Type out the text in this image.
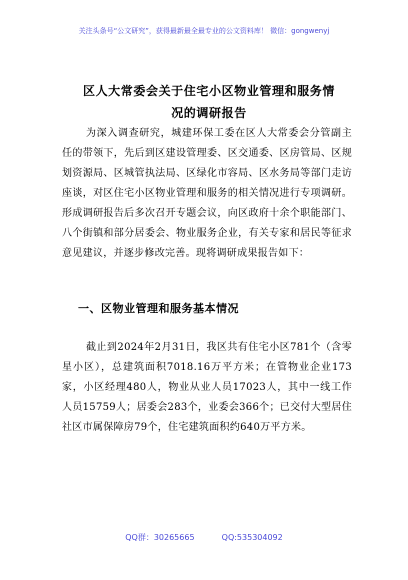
关注头条号“公文研究”，获得最新最全最专业的公文资料库！ 微信：gongwenyj
区人大常委会关于住宅小区物业管理和服务情况的调研报告
为深入调查研究，城建环保工委在区人大常委会分管副主任的带领下，先后到区建设管理委、区交通委、区房管局、区规划资源局、区城管执法局、区绿化市容局、区水务局等部门走访座谈，对区住宅小区物业管理和服务的相关情况进行专项调研。形成调研报告后多次召开专题会议，向区政府十余个职能部门、八个街镇和部分居委会、物业服务企业，有关专家和居民等征求意见建议，并逐步修改完善。现将调研成果报告如下：
一、区物业管理和服务基本情况
截止到2024年2月31日，我区共有住宅小区781个（含零星小区），总建筑面积7018.16万平方米；在管物业企业173家，小区经理480人，物业从业人员17023人，其中一线工作人员15759人；居委会283个，业委会366个；已交付大型居住社区市属保障房79个，住宅建筑面积约640万平方米。
QQ群：30265665	QQ:535304092
